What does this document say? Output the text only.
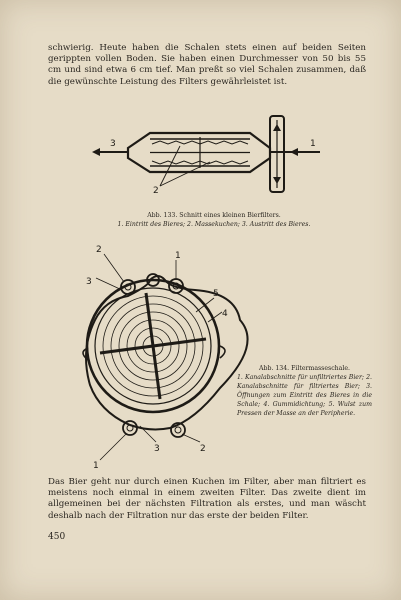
schwierig. Heute haben die Schalen stets einen auf beiden Seiten gerippten vollen Boden. Sie haben einen Durchmesser von 50 bis 55 cm und sind etwa 6 cm tief. Man preßt so viel Schalen zusammen, daß die gewünschte Leistung des Filters gewährleistet ist.

3
2
1
Abb. 133. Schnitt eines kleinen Bierfilters.
1. Eintritt des Bieres; 2. Massekuchen; 3. Austritt des Bieres.
2
3
1
5
4
1
3	2
Abb. 134. Filtermasseschale.
1. Kanalabschnitte für unfiltriertes Bier; 2. Kanalabschnitte für filtriertes Bier; 3. Öffnungen zum Eintritt des Bieres in die Schale; 4. Gummidichtung; 5. Wulst zum Pressen der Masse an der Peripherie.

Das Bier geht nur durch einen Kuchen im Filter, aber man filtriert es meistens noch einmal in einem zweiten Filter. Das zweite dient im allgemeinen bei der nächsten Filtration als erstes, und man wäscht deshalb nach der Filtration nur das erste der beiden Filter.

450
